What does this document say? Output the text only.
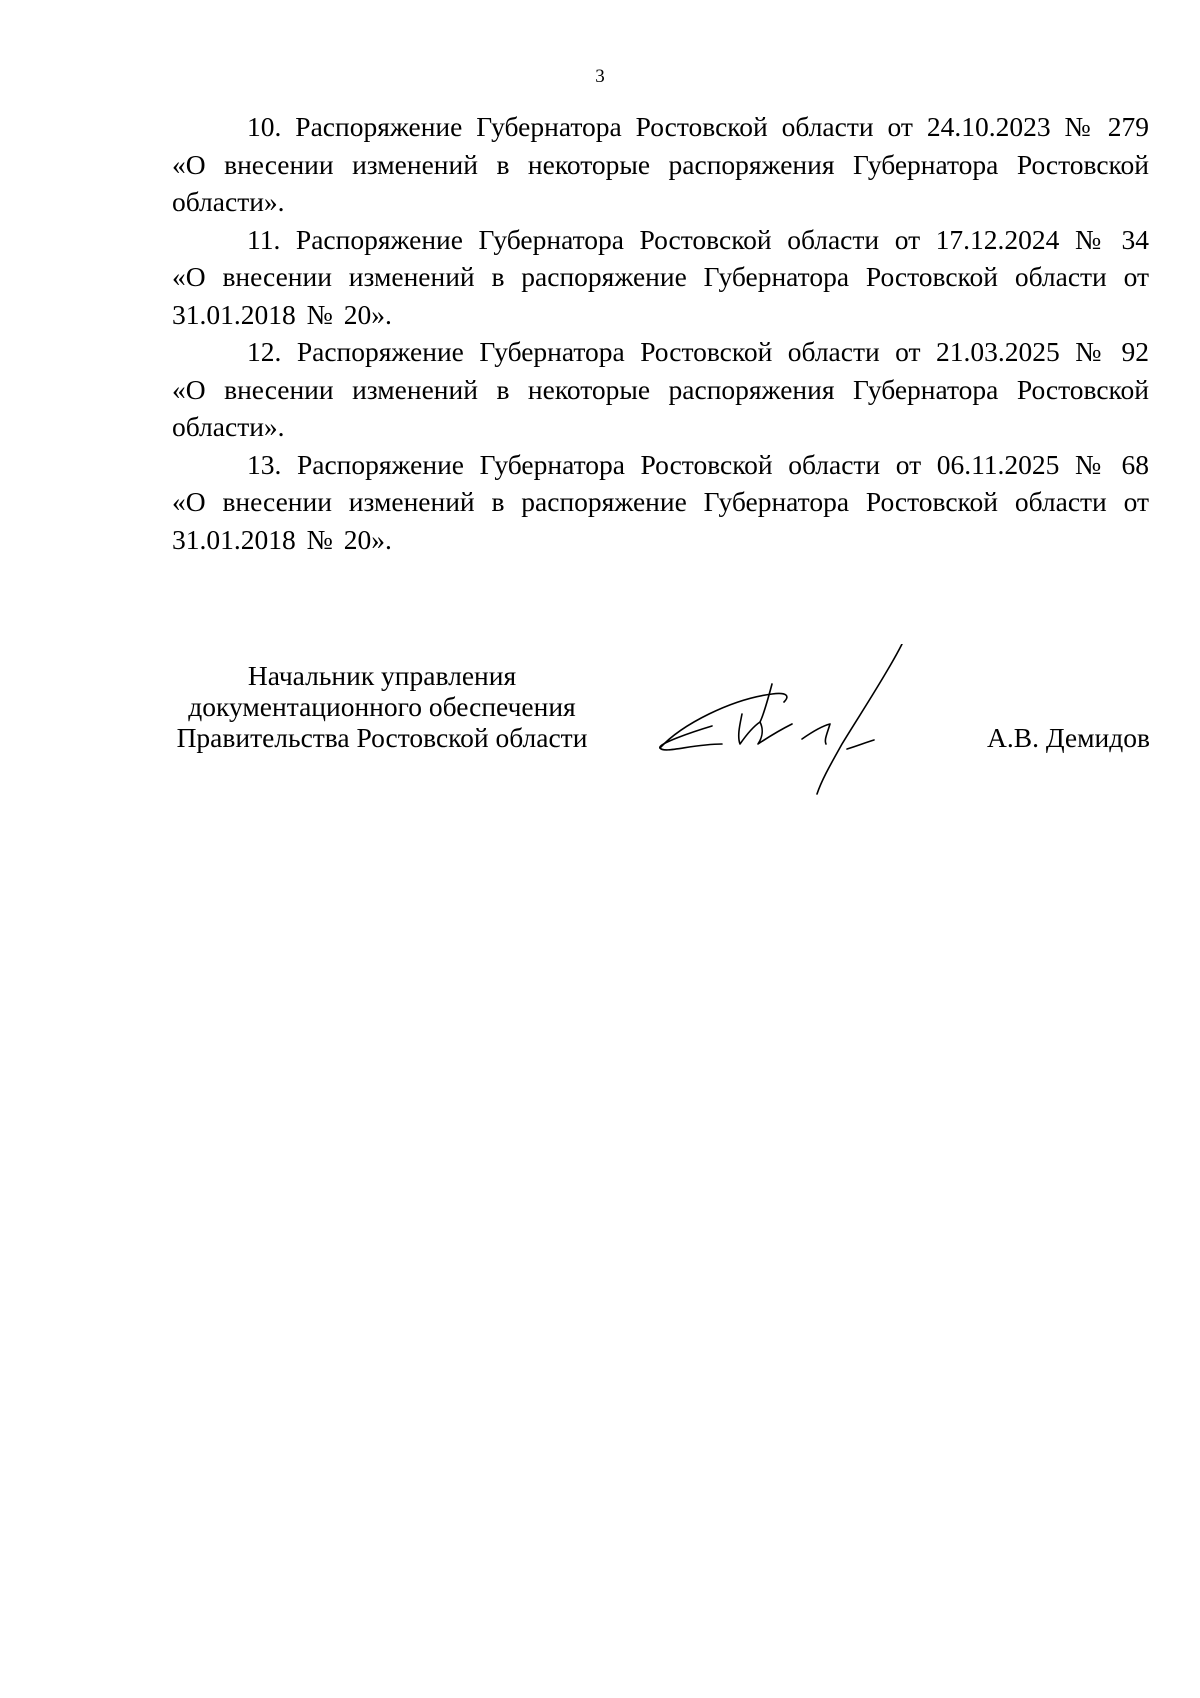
3

10. Распоряжение Губернатора Ростовской области от 24.10.2023 № 279 «О внесении изменений в некоторые распоряжения Губернатора Ростовской области».

11. Распоряжение Губернатора Ростовской области от 17.12.2024 № 34 «О внесении изменений в распоряжение Губернатора Ростовской области от 31.01.2018 № 20».

12. Распоряжение Губернатора Ростовской области от 21.03.2025 № 92 «О внесении изменений в некоторые распоряжения Губернатора Ростовской области».

13. Распоряжение Губернатора Ростовской области от 06.11.2025 № 68 «О внесении изменений в распоряжение Губернатора Ростовской области от 31.01.2018 № 20».

Начальник управления
документационного обеспечения
Правительства Ростовской области	А.В. Демидов
